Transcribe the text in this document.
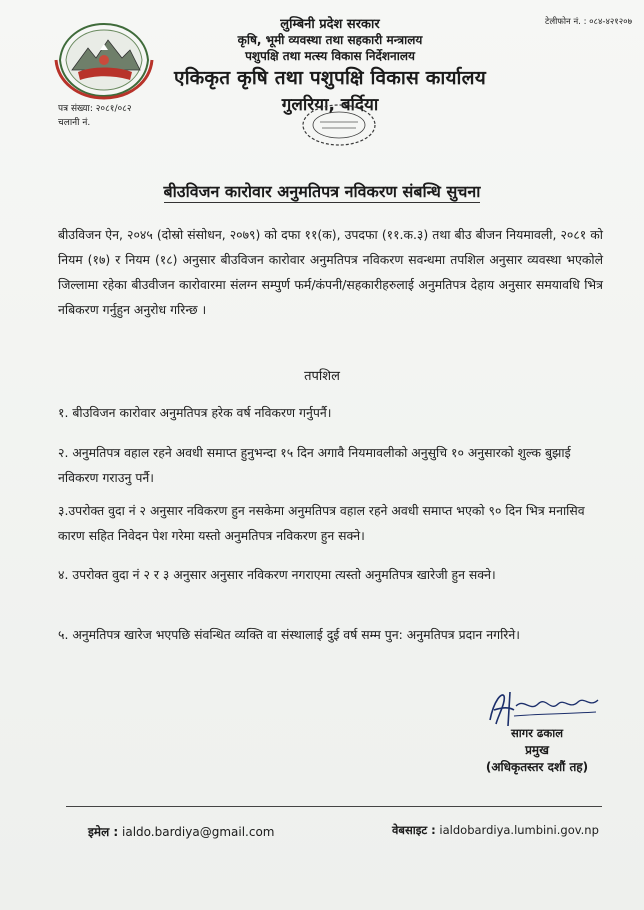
लुम्बिनी प्रदेश सरकार
कृषि, भूमी व्यवस्था तथा सहकारी मन्त्रालय
पशुपक्षि तथा मत्स्य विकास निर्देशनालय
एकिकृत कृषि तथा पशुपक्षि विकास कार्यालय
गुलरिया, बर्दिया
टेलीफोन नं. : ०८४-४२१२०७
पत्र संख्या: २०८१/०८२
चलानी नं.
बीउविजन कारोवार अनुमतिपत्र नविकरण संबन्धि सुचना
बीउविजन ऐन, २०४५ (दोस्रो संसोधन, २०७९) को दफा ११(क), उपदफा (११.क.३) तथा बीउ बीजन नियमावली, २०८१ को नियम (१७) र नियम (१८) अनुसार बीउविजन कारोवार अनुमतिपत्र नविकरण सवन्धमा तपशिल अनुसार व्यवस्था भएकोले जिल्लामा रहेका बीउवीजन कारोवारमा संलग्न सम्पुर्ण फर्म/कंपनी/सहकारीहरुलाई अनुमतिपत्र देहाय अनुसार समयावधि भित्र नबिकरण गर्नुहुन अनुरोध गरिन्छ ।
तपशिल
१. बीउविजन कारोवार अनुमतिपत्र हरेक वर्ष नविकरण गर्नुपर्नै।
२. अनुमतिपत्र वहाल रहने अवधी समाप्त हुनुभन्दा १५ दिन अगावै नियमावलीको अनुसुचि १० अनुसारको शुल्क बुझाई नविकरण गराउनु पर्नै।
३.उपरोक्त वुदा नं २ अनुसार नविकरण हुन नसकेमा अनुमतिपत्र वहाल रहने अवधी समाप्त भएको ९० दिन भित्र मनासिव कारण सहित निवेदन पेश गरेमा यस्तो अनुमतिपत्र नविकरण हुन सक्ने।
४. उपरोक्त वुदा नं २ र ३ अनुसार अनुसार नविकरण नगराएमा त्यस्तो अनुमतिपत्र खारेजी हुन सक्ने।
५. अनुमतिपत्र खारेज भएपछि संवन्धित व्यक्ति वा संस्थालाई दुई वर्ष सम्म पुन: अनुमतिपत्र प्रदान नगरिने।
सागर ढकाल
प्रमुख
(अधिकृतस्तर दशौं तह)
इमेल : ialdo.bardiya@gmail.com	वेबसाइट : ialdobardiya.lumbini.gov.np
